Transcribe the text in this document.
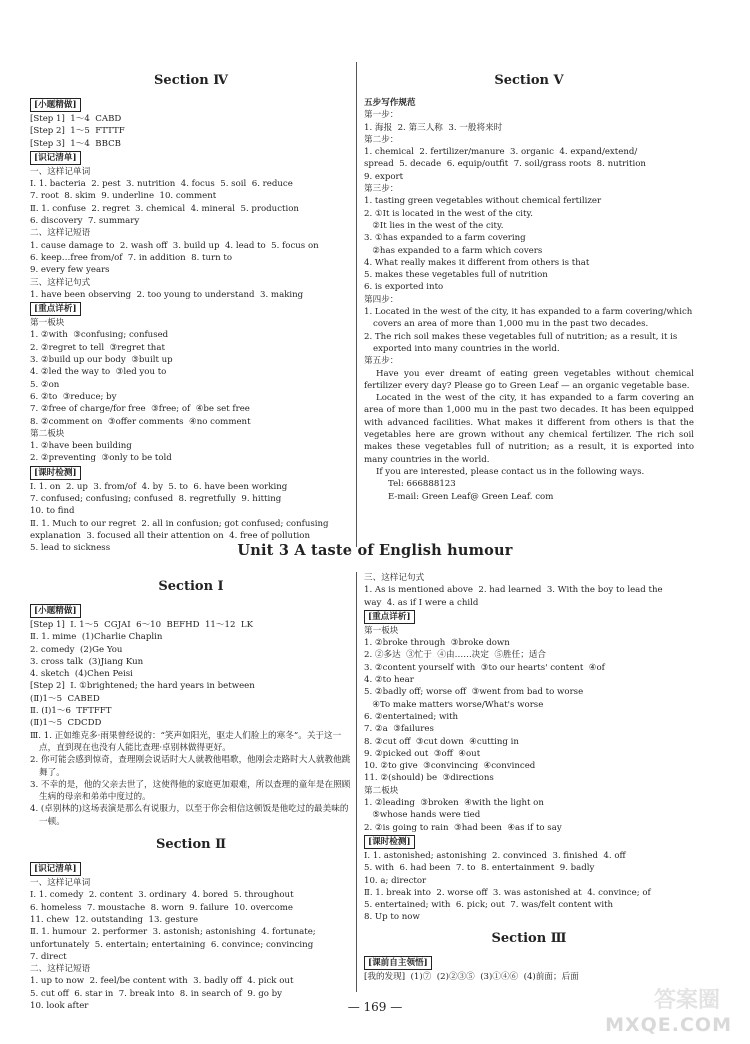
Section Ⅳ
[小题精做]
[Step 1]  1～4  CABD
[Step 2]  1～5  FTTTF
[Step 3]  1～4  BBCB
[识记清单]
一、这样记单词
Ⅰ. 1. bacteria  2. pest  3. nutrition  4. focus  5. soil  6. reduce
7. root  8. skim  9. underline  10. comment
Ⅱ. 1. confuse  2. regret  3. chemical  4. mineral  5. production
6. discovery  7. summary
二、这样记短语
1. cause damage to  2. wash off  3. build up  4. lead to  5. focus on
6. keep…free from/of  7. in addition  8. turn to
9. every few years
三、这样记句式
1. have been observing  2. too young to understand  3. making
[重点详析]
第一板块
1. ②with  ③confusing; confused
2. ②regret to tell  ③regret that
3. ②build up our body  ③built up
4. ②led the way to  ③led you to
5. ②on
6. ②to  ③reduce; by
7. ②free of charge/for free  ③free; of  ④be set free
8. ②comment on  ③offer comments  ④no comment
第二板块
1. ②have been building
2. ②preventing  ③only to be told
[课时检测]
Ⅰ. 1. on  2. up  3. from/of  4. by  5. to  6. have been working
7. confused; confusing; confused  8. regretfully  9. hitting
10. to find
Ⅱ. 1. Much to our regret  2. all in confusion; got confused; confusing
explanation  3. focused all their attention on  4. free of pollution
5. lead to sickness
Section Ⅴ
五步写作规范
第一步：
1. 海报  2. 第三人称  3. 一般将来时
第二步：
1. chemical  2. fertilizer/manure  3. organic  4. expand/extend/
spread  5. decade  6. equip/outfit  7. soil/grass roots  8. nutrition
9. export
第三步：
1. tasting green vegetables without chemical fertilizer
2. ①It is located in the west of the city.
②It lies in the west of the city.
3. ①has expanded to a farm covering
②has expanded to a farm which covers
4. What really makes it different from others is that
5. makes these vegetables full of nutrition
6. is exported into
第四步：
1. Located in the west of the city, it has expanded to a farm covering/which covers an area of more than 1,000 mu in the past two decades.
2. The rich soil makes these vegetables full of nutrition; as a result, it is exported into many countries in the world.
第五步：
Have you ever dreamt of eating green vegetables without chemical fertilizer every day? Please go to Green Leaf — an organic vegetable base.
Located in the west of the city, it has expanded to a farm covering an area of more than 1,000 mu in the past two decades. It has been equipped with advanced facilities. What makes it different from others is that the vegetables here are grown without any chemical fertilizer. The rich soil makes these vegetables full of nutrition; as a result, it is exported into many countries in the world.
If you are interested, please contact us in the following ways.
Tel: 666888123
E-mail: Green Leaf@ Green Leaf. com
Unit 3 A taste of English humour
Section Ⅰ
[小题精做]
[Step 1]  Ⅰ. 1～5  CGJAI  6～10  BEFHD  11～12  LK
Ⅱ. 1. mime  (1)Charlie Chaplin
2. comedy  (2)Ge You
3. cross talk  (3)Jiang Kun
4. sketch  (4)Chen Peisi
[Step 2]  Ⅰ. ①brightened; the hard years in between
(Ⅱ)1～5  CABED
Ⅱ. (Ⅰ)1～6  TFTFFT
(Ⅱ)1～5  CDCDD
Ⅲ. 1. 正如维克多·雨果曾经说的：“笑声如阳光，驱走人们脸上的寒冬”。关于这一点，直到现在也没有人能比查理·卓别林做得更好。
2. 你可能会感到惊奇，查理刚会说话时大人就教他唱歌，他刚会走路时大人就教他跳舞了。
3. 不幸的是，他的父亲去世了，这使得他的家庭更加艰难，所以查理的童年是在照顾生病的母亲和弟弟中度过的。
4. (卓别林的)这场表演是那么有说服力，以至于你会相信这顿饭是他吃过的最美味的一顿。
Section Ⅱ
[识记清单]
一、这样记单词
Ⅰ. 1. comedy  2. content  3. ordinary  4. bored  5. throughout
6. homeless  7. moustache  8. worn  9. failure  10. overcome
11. chew  12. outstanding  13. gesture
Ⅱ. 1. humour  2. performer  3. astonish; astonishing  4. fortunate;
unfortunately  5. entertain; entertaining  6. convince; convincing
7. direct
二、这样记短语
1. up to now  2. feel/be content with  3. badly off  4. pick out
5. cut off  6. star in  7. break into  8. in search of  9. go by
10. look after
三、这样记句式
1. As is mentioned above  2. had learned  3. With the boy to lead the
way  4. as if I were a child
[重点详析]
第一板块
1. ②broke through  ③broke down
2. ②多达  ③忙于  ④由……决定  ⑤胜任；适合
3. ②content yourself with  ③to our hearts' content  ④of
4. ②to hear
5. ②badly off; worse off  ③went from bad to worse
④To make matters worse/What's worse
6. ②entertained; with
7. ②a  ③failures
8. ②cut off  ③cut down  ④cutting in
9. ②picked out  ③off  ④out
10. ②to give  ③convincing  ④convinced
11. ②(should) be  ③directions
第二板块
1. ②leading  ③broken  ④with the light on
⑤whose hands were tied
2. ②is going to rain  ③had been  ④as if to say
[课时检测]
Ⅰ. 1. astonished; astonishing  2. convinced  3. finished  4. off
5. with  6. had been  7. to  8. entertainment  9. badly
10. a; director
Ⅱ. 1. break into  2. worse off  3. was astonished at  4. convince; of
5. entertained; with  6. pick; out  7. was/felt content with
8. Up to now
Section Ⅲ
[课前自主领悟]
[我的发现]  (1)⑦  (2)②③⑤  (3)①④⑥  (4)前面；后面
— 169 —	答案圈
MXQE.COM
